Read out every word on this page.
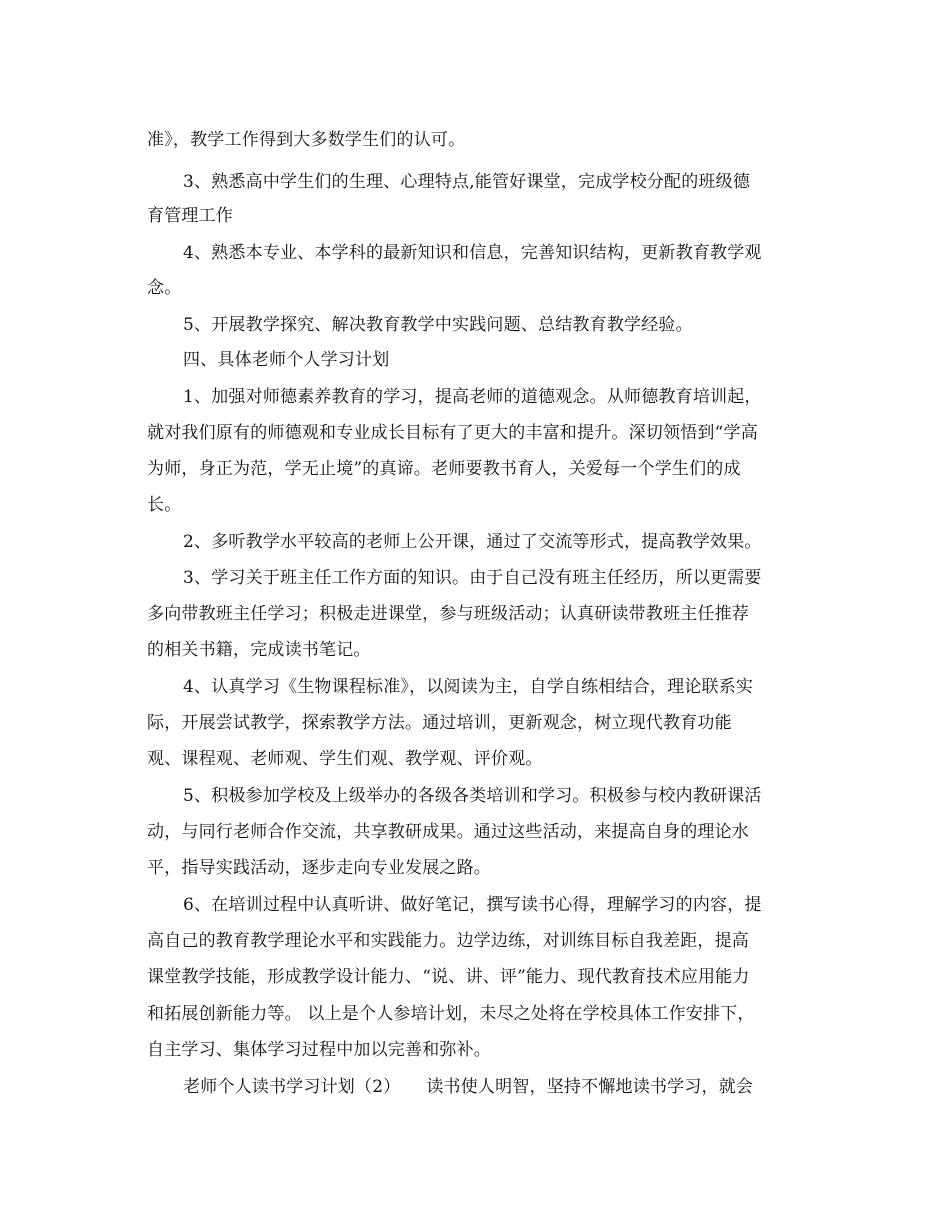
准》，教学工作得到大多数学生们的认可。
3、熟悉高中学生们的生理、心理特点,能管好课堂，完成学校分配的班级德
育管理工作
4、熟悉本专业、本学科的最新知识和信息，完善知识结构，更新教育教学观
念。
5、开展教学探究、解决教育教学中实践问题、总结教育教学经验。
四、具体老师个人学习计划
1、加强对师德素养教育的学习，提高老师的道德观念。从师德教育培训起，
就对我们原有的师德观和专业成长目标有了更大的丰富和提升。深切领悟到“学高
为师，身正为范，学无止境”的真谛。老师要教书育人，关爱每一个学生们的成
长。
2、多听教学水平较高的老师上公开课，通过了交流等形式，提高教学效果。
3、学习关于班主任工作方面的知识。由于自己没有班主任经历，所以更需要
多向带教班主任学习；积极走进课堂，参与班级活动；认真研读带教班主任推荐
的相关书籍，完成读书笔记。
4、认真学习《生物课程标准》，以阅读为主，自学自练相结合，理论联系实
际，开展尝试教学，探索教学方法。通过培训，更新观念，树立现代教育功能
观、课程观、老师观、学生们观、教学观、评价观。
5、积极参加学校及上级举办的各级各类培训和学习。积极参与校内教研课活
动，与同行老师合作交流，共享教研成果。通过这些活动，来提高自身的理论水
平，指导实践活动，逐步走向专业发展之路。
6、在培训过程中认真听讲、做好笔记，撰写读书心得，理解学习的内容，提
高自己的教育教学理论水平和实践能力。边学边练，对训练目标自我差距，提高
课堂教学技能，形成教学设计能力、“说、讲、评”能力、现代教育技术应用能力
和拓展创新能力等。 以上是个人参培计划，未尽之处将在学校具体工作安排下，
自主学习、集体学习过程中加以完善和弥补。
老师个人读书学习计划（2）　　读书使人明智，坚持不懈地读书学习，就会
